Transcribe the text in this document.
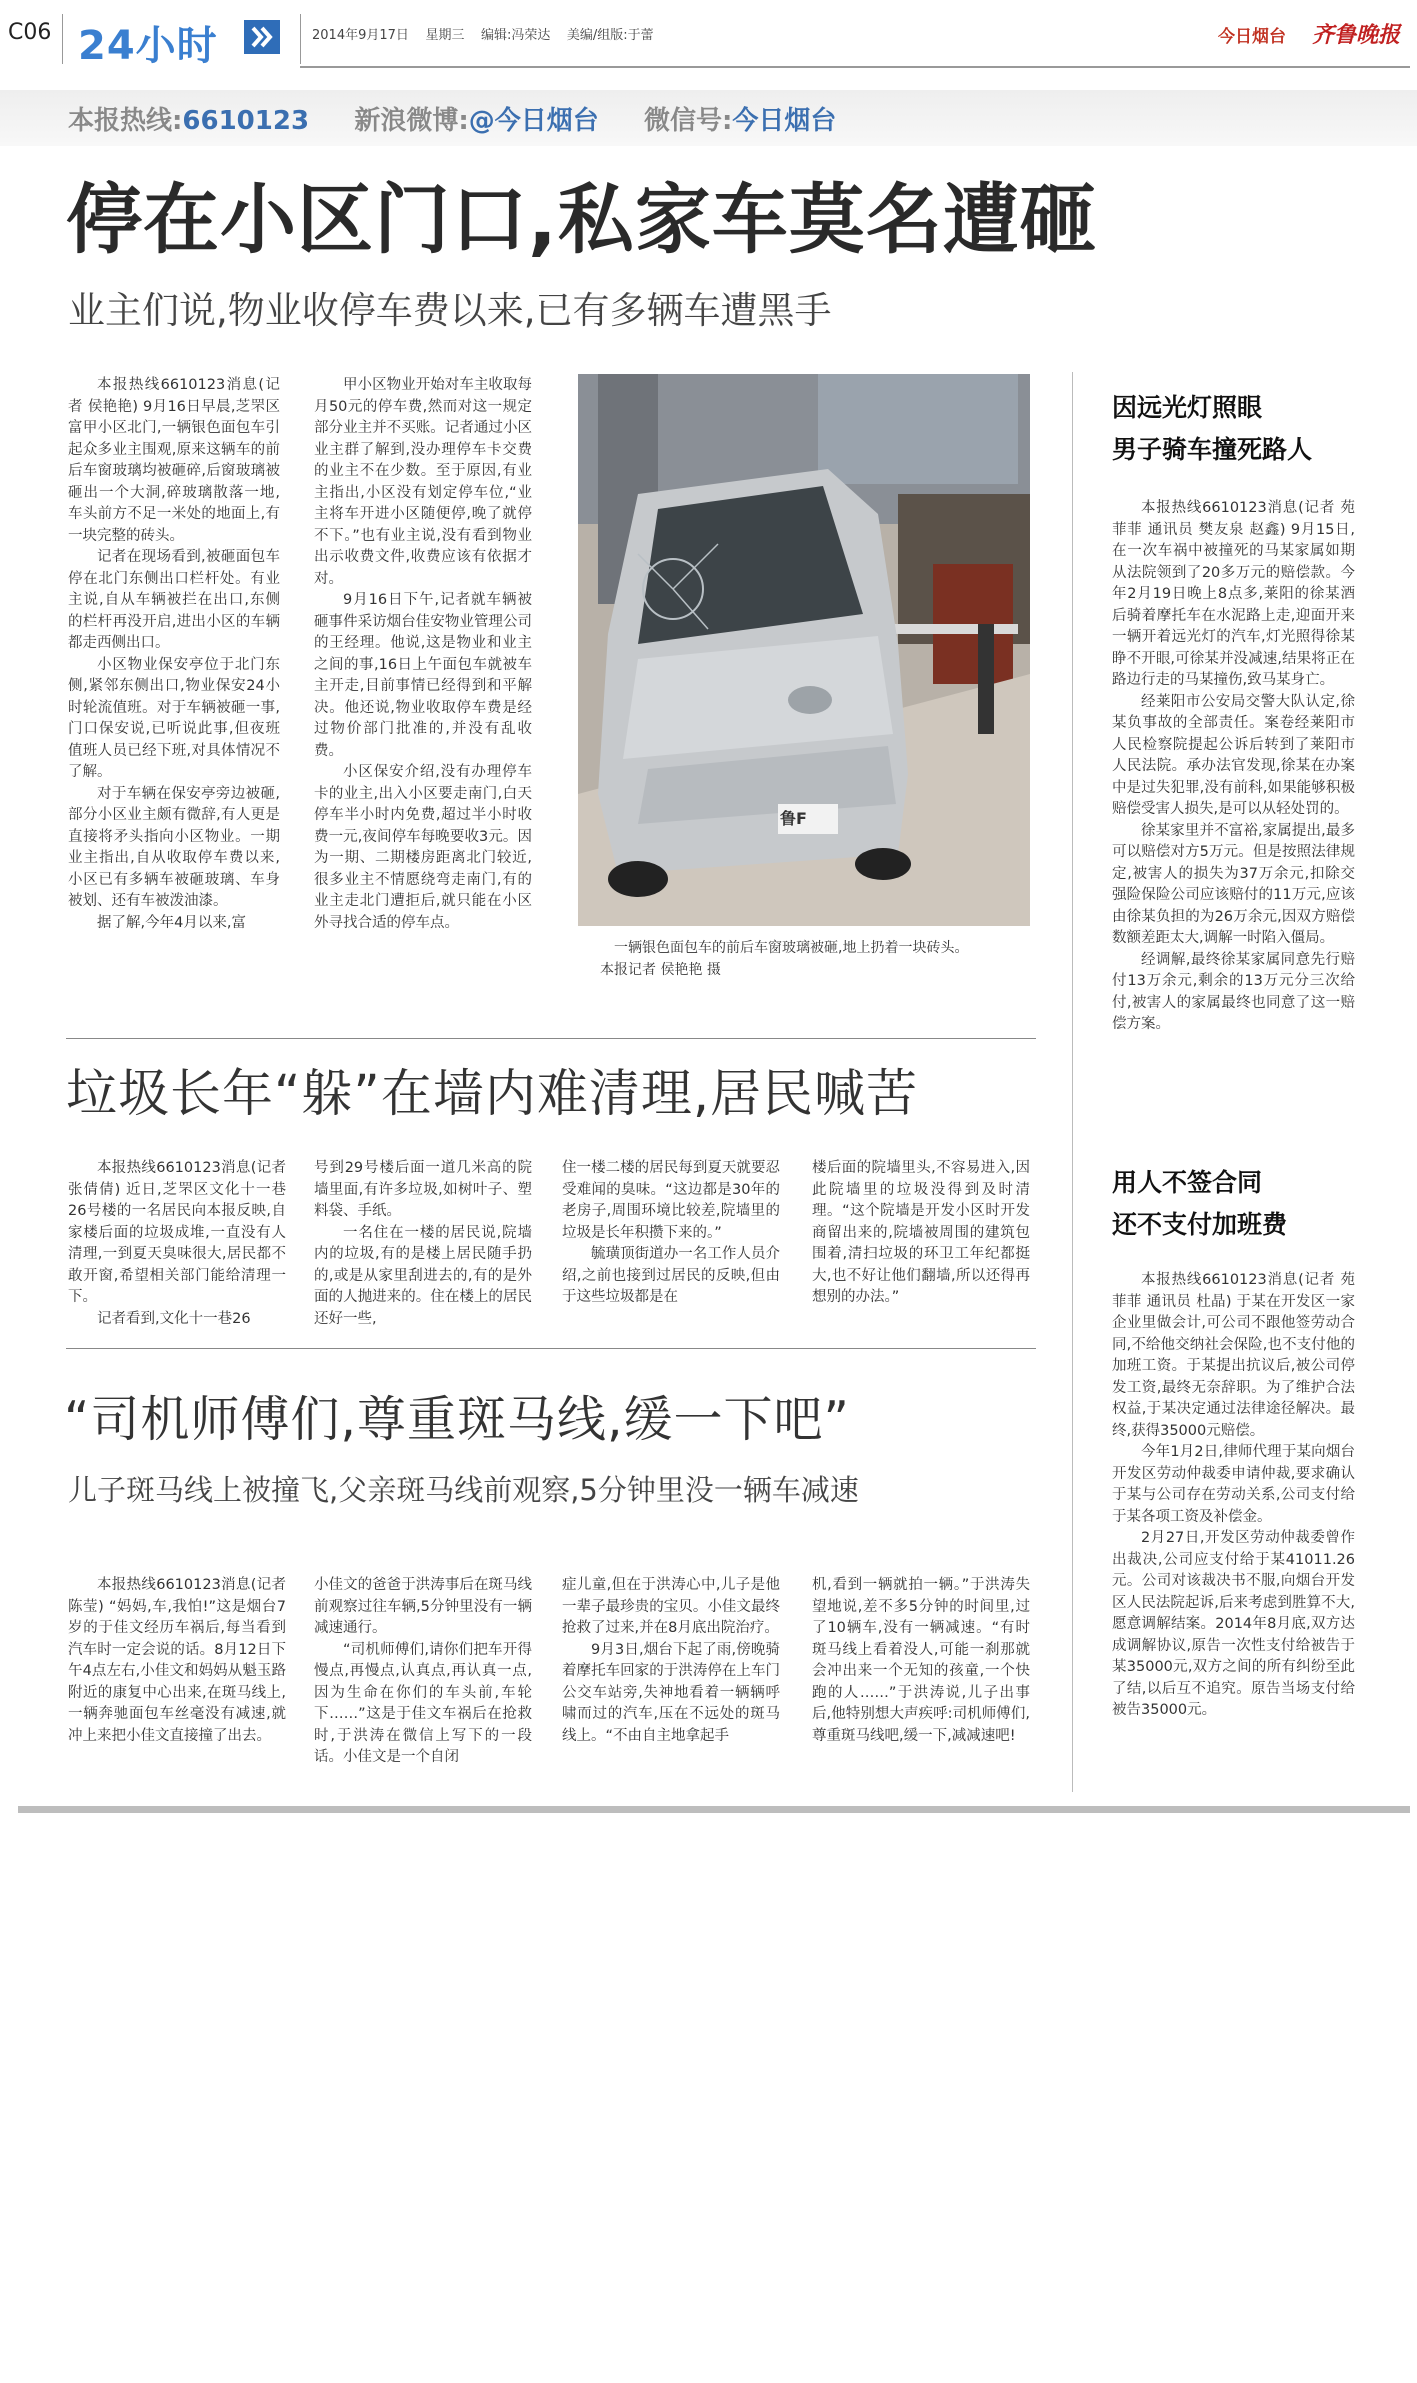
C06 24小时	2014年9月17日 星期三 编辑:冯荣达 美编/组版:于蕾	今日烟台 齐鲁晚报
本报热线:6610123 新浪微博:@今日烟台 微信号:今日烟台
停在小区门口,私家车莫名遭砸
业主们说,物业收停车费以来,已有多辆车遭黑手

本报热线6610123消息(记者 侯艳艳) 9月16日早晨,芝罘区富甲小区北门,一辆银色面包车引起众多业主围观,原来这辆车的前后车窗玻璃均被砸碎,后窗玻璃被砸出一个大洞,碎玻璃散落一地,车头前方不足一米处的地面上,有一块完整的砖头。

记者在现场看到,被砸面包车停在北门东侧出口栏杆处。有业主说,自从车辆被拦在出口,东侧的栏杆再没开启,进出小区的车辆都走西侧出口。

小区物业保安亭位于北门东侧,紧邻东侧出口,物业保安24小时轮流值班。对于车辆被砸一事,门口保安说,已听说此事,但夜班值班人员已经下班,对具体情况不了解。

对于车辆在保安亭旁边被砸,部分小区业主颇有微辞,有人更是直接将矛头指向小区物业。一期业主指出,自从收取停车费以来,小区已有多辆车被砸玻璃、车身被划、还有车被泼油漆。

据了解,今年4月以来,富

甲小区物业开始对车主收取每月50元的停车费,然而对这一规定部分业主并不买账。记者通过小区业主群了解到,没办理停车卡交费的业主不在少数。至于原因,有业主指出,小区没有划定停车位,“业主将车开进小区随便停,晚了就停不下。”也有业主说,没有看到物业出示收费文件,收费应该有依据才对。

9月16日下午,记者就车辆被砸事件采访烟台佳安物业管理公司的王经理。他说,这是物业和业主之间的事,16日上午面包车就被车主开走,目前事情已经得到和平解决。他还说,物业收取停车费是经过物价部门批准的,并没有乱收费。

小区保安介绍,没有办理停车卡的业主,出入小区要走南门,白天停车半小时内免费,超过半小时收费一元,夜间停车每晚要收3元。因为一期、二期楼房距离北门较近,很多业主不情愿绕弯走南门,有的业主走北门遭拒后,就只能在小区外寻找合适的停车点。

鲁F
一辆银色面包车的前后车窗玻璃被砸,地上扔着一块砖头。
本报记者 侯艳艳 摄
垃圾长年“躲”在墙内难清理,居民喊苦

本报热线6610123消息(记者 张倩倩) 近日,芝罘区文化十一巷26号楼的一名居民向本报反映,自家楼后面的垃圾成堆,一直没有人清理,一到夏天臭味很大,居民都不敢开窗,希望相关部门能给清理一下。

记者看到,文化十一巷26

号到29号楼后面一道几米高的院墙里面,有许多垃圾,如树叶子、塑料袋、手纸。

一名住在一楼的居民说,院墙内的垃圾,有的是楼上居民随手扔的,或是从家里刮进去的,有的是外面的人抛进来的。住在楼上的居民还好一些,

住一楼二楼的居民每到夏天就要忍受难闻的臭味。“这边都是30年的老房子,周围环境比较差,院墙里的垃圾是长年积攒下来的。”

毓璜顶街道办一名工作人员介绍,之前也接到过居民的反映,但由于这些垃圾都是在

楼后面的院墙里头,不容易进入,因此院墙里的垃圾没得到及时清理。“这个院墙是开发小区时开发商留出来的,院墙被周围的建筑包围着,清扫垃圾的环卫工年纪都挺大,也不好让他们翻墙,所以还得再想别的办法。”

“司机师傅们,尊重斑马线,缓一下吧”
儿子斑马线上被撞飞,父亲斑马线前观察,5分钟里没一辆车减速

本报热线6610123消息(记者 陈莹) “妈妈,车,我怕!”这是烟台7岁的于佳文经历车祸后,每当看到汽车时一定会说的话。8月12日下午4点左右,小佳文和妈妈从魁玉路附近的康复中心出来,在斑马线上,一辆奔驰面包车丝毫没有减速,就冲上来把小佳文直接撞了出去。

小佳文的爸爸于洪涛事后在斑马线前观察过往车辆,5分钟里没有一辆减速通行。

“司机师傅们,请你们把车开得慢点,再慢点,认真点,再认真一点,因为生命在你们的车头前,车轮下……”这是于佳文车祸后在抢救时,于洪涛在微信上写下的一段话。小佳文是一个自闭

症儿童,但在于洪涛心中,儿子是他一辈子最珍贵的宝贝。小佳文最终抢救了过来,并在8月底出院治疗。

9月3日,烟台下起了雨,傍晚骑着摩托车回家的于洪涛停在上车门公交车站旁,失神地看着一辆辆呼啸而过的汽车,压在不远处的斑马线上。“不由自主地拿起手

机,看到一辆就拍一辆。”于洪涛失望地说,差不多5分钟的时间里,过了10辆车,没有一辆减速。“有时斑马线上看着没人,可能一刹那就会冲出来一个无知的孩童,一个快跑的人……”于洪涛说,儿子出事后,他特别想大声疾呼:司机师傅们,尊重斑马线吧,缓一下,减减速吧!

因远光灯照眼
男子骑车撞死路人

本报热线6610123消息(记者 苑菲菲 通讯员 樊友泉 赵鑫) 9月15日,在一次车祸中被撞死的马某家属如期从法院领到了20多万元的赔偿款。今年2月19日晚上8点多,莱阳的徐某酒后骑着摩托车在水泥路上走,迎面开来一辆开着远光灯的汽车,灯光照得徐某睁不开眼,可徐某并没减速,结果将正在路边行走的马某撞伤,致马某身亡。

经莱阳市公安局交警大队认定,徐某负事故的全部责任。案卷经莱阳市人民检察院提起公诉后转到了莱阳市人民法院。承办法官发现,徐某在办案中是过失犯罪,没有前科,如果能够积极赔偿受害人损失,是可以从轻处罚的。

徐某家里并不富裕,家属提出,最多可以赔偿对方5万元。但是按照法律规定,被害人的损失为37万余元,扣除交强险保险公司应该赔付的11万元,应该由徐某负担的为26万余元,因双方赔偿数额差距太大,调解一时陷入僵局。

经调解,最终徐某家属同意先行赔付13万余元,剩余的13万元分三次给付,被害人的家属最终也同意了这一赔偿方案。

用人不签合同
还不支付加班费

本报热线6610123消息(记者 苑菲菲 通讯员 杜晶) 于某在开发区一家企业里做会计,可公司不跟他签劳动合同,不给他交纳社会保险,也不支付他的加班工资。于某提出抗议后,被公司停发工资,最终无奈辞职。为了维护合法权益,于某决定通过法律途径解决。最终,获得35000元赔偿。

今年1月2日,律师代理于某向烟台开发区劳动仲裁委申请仲裁,要求确认于某与公司存在劳动关系,公司支付给于某各项工资及补偿金。

2月27日,开发区劳动仲裁委曾作出裁决,公司应支付给于某41011.26元。公司对该裁决书不服,向烟台开发区人民法院起诉,后来考虑到胜算不大,愿意调解结案。2014年8月底,双方达成调解协议,原告一次性支付给被告于某35000元,双方之间的所有纠纷至此了结,以后互不追究。原告当场支付给被告35000元。
